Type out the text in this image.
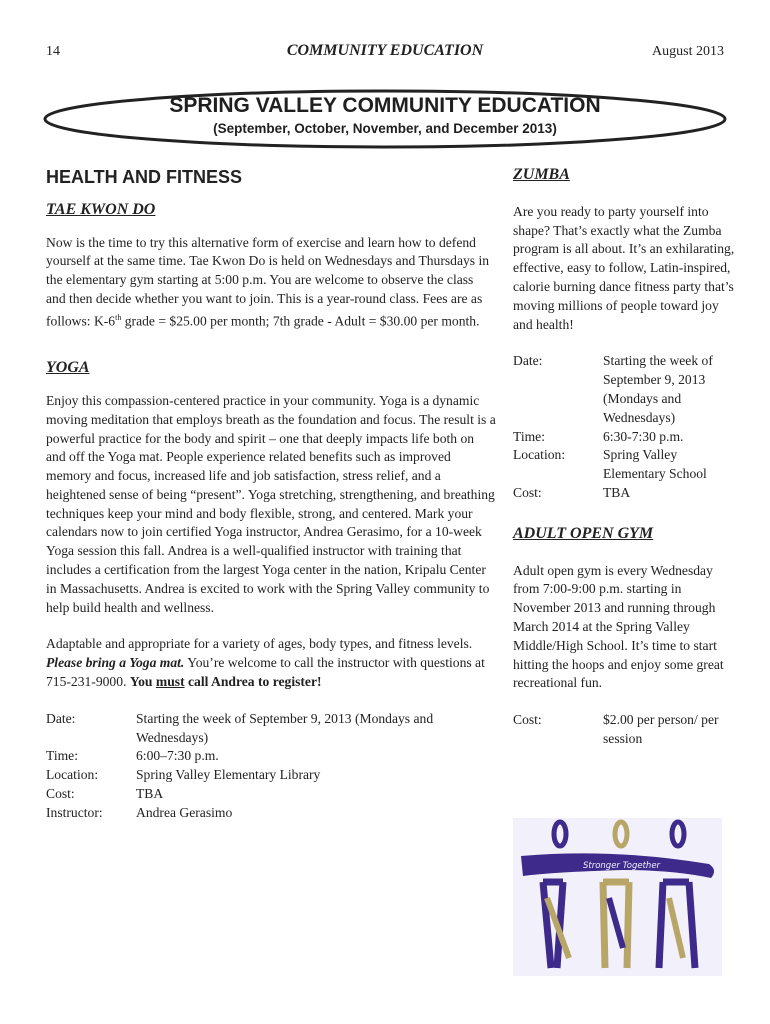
14	COMMUNITY EDUCATION	August 2013
SPRING VALLEY COMMUNITY EDUCATION
(September, October, November, and December 2013)
HEALTH AND FITNESS
TAE KWON DO

Now is the time to try this alternative form of exercise and learn how to defend yourself at the same time. Tae Kwon Do is held on Wednesdays and Thursdays in the elementary gym starting at 5:00 p.m. You are welcome to observe the class and then decide whether you want to join. This is a year-round class. Fees are as follows: K-6th grade = $25.00 per month; 7th grade - Adult = $30.00 per month.

YOGA

Enjoy this compassion-centered practice in your community. Yoga is a dynamic moving meditation that employs breath as the foundation and focus. The result is a powerful practice for the body and spirit – one that deeply impacts life both on and off the Yoga mat. People experience related benefits such as improved memory and focus, increased life and job satisfaction, stress relief, and a heightened sense of being “present”. Yoga stretching, strengthening, and breathing techniques keep your mind and body flexible, strong, and centered. Mark your calendars now to join certified Yoga instructor, Andrea Gerasimo, for a 10-week Yoga session this fall. Andrea is a well-qualified instructor with training that includes a certification from the largest Yoga center in the nation, Kripalu Center in Massachusetts. Andrea is excited to work with the Spring Valley community to help build health and wellness.

Adaptable and appropriate for a variety of ages, body types, and fitness levels. Please bring a Yoga mat. You’re welcome to call the instructor with questions at 715-231-9000. You must call Andrea to register!

Date:	Starting the week of September 9, 2013 (Mondays and Wednesdays)
Time:	6:00–7:30 p.m.
Location:	Spring Valley Elementary Library
Cost:	TBA
Instructor:	Andrea Gerasimo
ZUMBA

Are you ready to party yourself into shape? That’s exactly what the Zumba program is all about. It’s an exhilarating, effective, easy to follow, Latin-inspired, calorie burning dance fitness party that’s moving millions of people toward joy and health!

Date:	Starting the week of September 9, 2013 (Mondays and Wednesdays)
Time:	6:30-7:30 p.m.
Location:	Spring Valley Elementary School
Cost:	TBA
ADULT OPEN GYM

Adult open gym is every Wednesday from 7:00-9:00 p.m. starting in November 2013 and running through March 2014 at the Spring Valley Middle/High School. It’s time to start hitting the hoops and enjoy some great recreational fun.

Cost:	$2.00 per person/ per session
Stronger Together
